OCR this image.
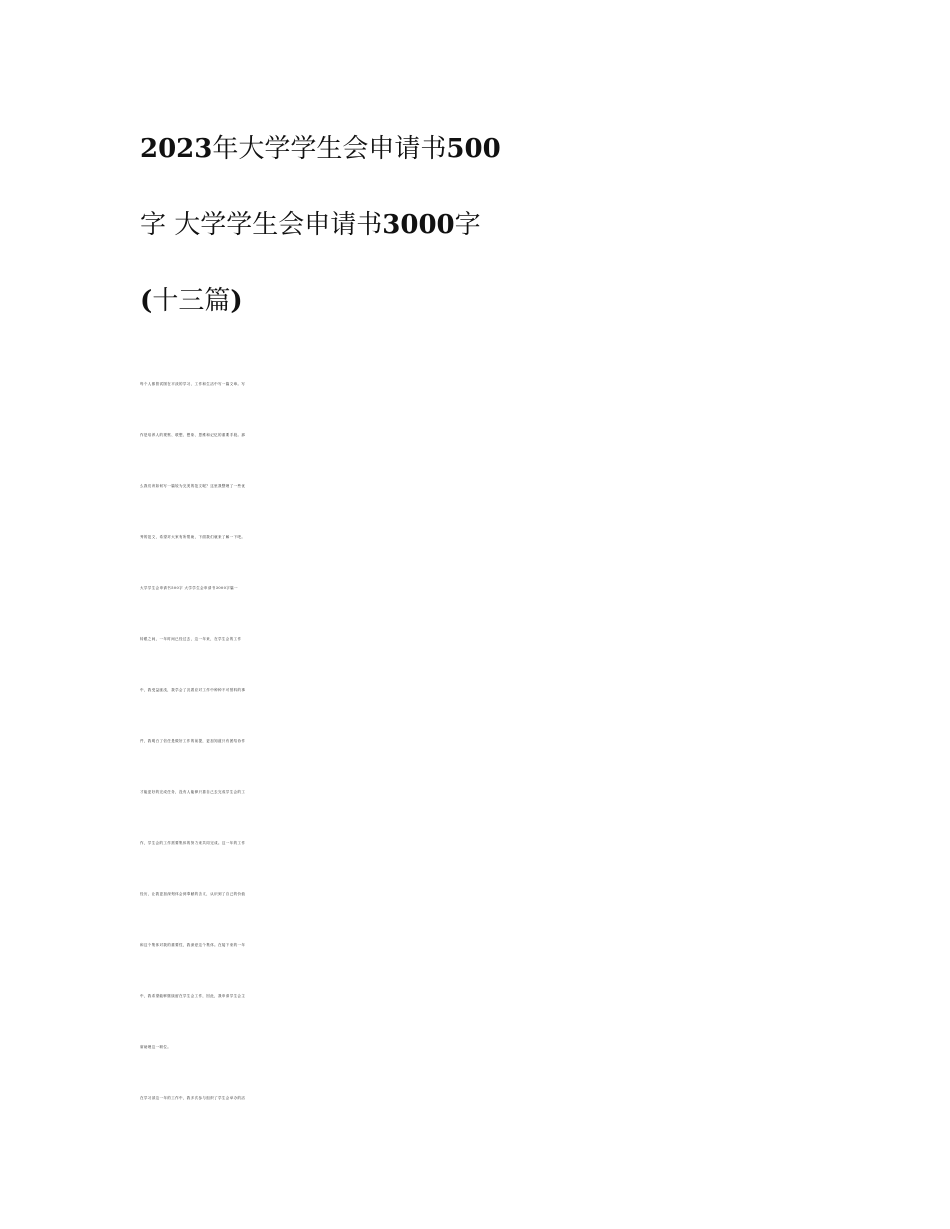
2023年大学学生会申请书500
字 大学学生会申请书3000字
(十三篇)
每个人都曾试图在平淡的学习、工作和生活中写一篇文章。写
作是培养人的观察、联想、想象、思维和记忆的重要手段。那
么我们该如何写一篇较为完美的范文呢？这里我整理了一些优
秀的范文，希望对大家有所帮助，下面我们就来了解一下吧。
大学学生会申请书500字 大学学生会申请书3000字篇一
转眼之间，一年时间已经过去，这一年来，在学生会的工作
中，我受益匪浅，我学会了沉着应对工作中种种不可预料的事
件，我明白了信任是做好工作的前提，更加知道只有团结协作
才能更好的完成任务，没有人能够只靠自己去完成学生会的工
作，学生会的工作需要集体的努力来共同完成。这一年的工作
经历，让我更加深刻体会到奉献的含义，认识到了自己的价值
和这个集体对我的重要性，我深爱这个集体。在接下来的一年
中，我希望能够继续留在学生会工作，因此，我申请学生会主
席助理这一职位。
在学习部这一年的工作中，我多次参与组织了学生会举办的活
